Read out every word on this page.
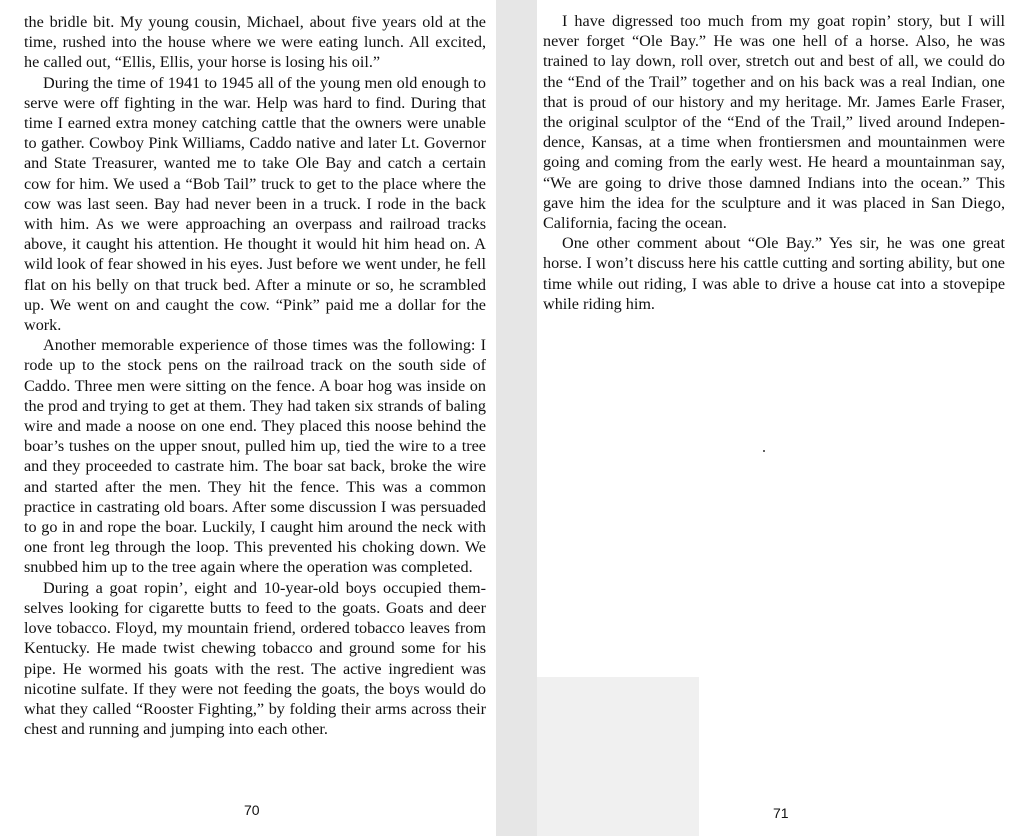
the bridle bit. My young cousin, Michael, about five years old at the time, rushed into the house where we were eating lunch. All excited, he called out, “Ellis, Ellis, your horse is losing his oil.”

During the time of 1941 to 1945 all of the young men old enough to serve were off fighting in the war. Help was hard to find. During that time I earned extra money catching cattle that the owners were unable to gather. Cowboy Pink Williams, Caddo native and later Lt. Governor and State Treasurer, wanted me to take Ole Bay and catch a certain cow for him. We used a “Bob Tail” truck to get to the place where the cow was last seen. Bay had never been in a truck. I rode in the back with him. As we were approaching an overpass and railroad tracks above, it caught his attention. He thought it would hit him head on. A wild look of fear showed in his eyes. Just before we went under, he fell flat on his belly on that truck bed. After a minute or so, he scrambled up. We went on and caught the cow. “Pink” paid me a dollar for the work.

Another memorable experience of those times was the following: I rode up to the stock pens on the railroad track on the south side of Caddo. Three men were sitting on the fence. A boar hog was inside on the prod and trying to get at them. They had taken six strands of baling wire and made a noose on one end. They placed this noose behind the boar’s tushes on the upper snout, pulled him up, tied the wire to a tree and they proceeded to castrate him. The boar sat back, broke the wire and started after the men. They hit the fence. This was a common practice in castrating old boars. After some discussion I was persuaded to go in and rope the boar. Luckily, I caught him around the neck with one front leg through the loop. This prevented his choking down. We snubbed him up to the tree again where the operation was completed.

During a goat ropin’, eight and 10-year-old boys occupied themselves looking for cigarette butts to feed to the goats. Goats and deer love tobacco. Floyd, my mountain friend, ordered tobacco leaves from Kentucky. He made twist chewing tobacco and ground some for his pipe. He wormed his goats with the rest. The active ingredient was nicotine sulfate. If they were not feeding the goats, the boys would do what they called “Rooster Fighting,” by folding their arms across their chest and running and jumping into each other.

I have digressed too much from my goat ropin’ story, but I will never forget “Ole Bay.” He was one hell of a horse. Also, he was trained to lay down, roll over, stretch out and best of all, we could do the “End of the Trail” together and on his back was a real Indian, one that is proud of our history and my heritage. Mr. James Earle Fraser, the original sculptor of the “End of the Trail,” lived around Independence, Kansas, at a time when frontiersmen and mountainmen were going and coming from the early west. He heard a mountainman say, “We are going to drive those damned Indians into the ocean.” This gave him the idea for the sculpture and it was placed in San Diego, California, facing the ocean.

One other comment about “Ole Bay.” Yes sir, he was one great horse. I won’t discuss here his cattle cutting and sorting ability, but one time while out riding, I was able to drive a house cat into a stovepipe while riding him.

70	71
